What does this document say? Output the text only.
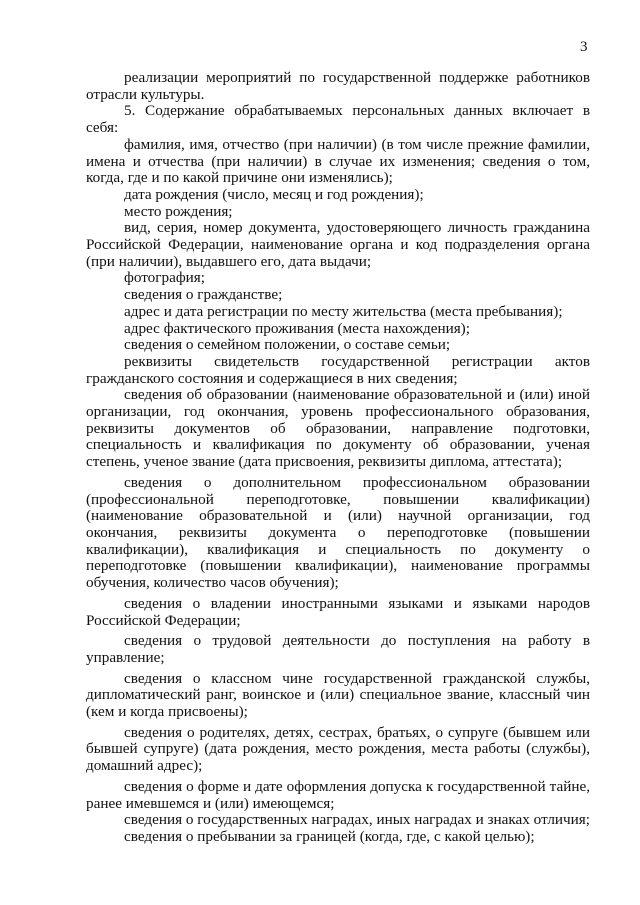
3

реализации мероприятий по государственной поддержке работников отрасли культуры.

5. Содержание обрабатываемых персональных данных включает в себя:

фамилия, имя, отчество (при наличии) (в том числе прежние фамилии, имена и отчества (при наличии) в случае их изменения; сведения о том, когда, где и по какой причине они изменялись);

дата рождения (число, месяц и год рождения);

место рождения;

вид, серия, номер документа, удостоверяющего личность гражданина Российской Федерации, наименование органа и код подразделения органа (при наличии), выдавшего его, дата выдачи;

фотография;

сведения о гражданстве;

адрес и дата регистрации по месту жительства (места пребывания);

адрес фактического проживания (места нахождения);

сведения о семейном положении, о составе семьи;

реквизиты свидетельств государственной регистрации актов гражданского состояния и содержащиеся в них сведения;

сведения об образовании (наименование образовательной и (или) иной организации, год окончания, уровень профессионального образования, реквизиты документов об образовании, направление подготовки, специальность и квалификация по документу об образовании, ученая степень, ученое звание (дата присвоения, реквизиты диплома, аттестата);

сведения о дополнительном профессиональном образовании (профессиональной переподготовке, повышении квалификации) (наименование образовательной и (или) научной организации, год окончания, реквизиты документа о переподготовке (повышении квалификации), квалификация и специальность по документу о переподготовке (повышении квалификации), наименование программы обучения, количество часов обучения);

сведения о владении иностранными языками и языками народов Российской Федерации;

сведения о трудовой деятельности до поступления на работу в управление;

сведения о классном чине государственной гражданской службы, дипломатический ранг, воинское и (или) специальное звание, классный чин (кем и когда присвоены);

сведения о родителях, детях, сестрах, братьях, о супруге (бывшем или бывшей супруге) (дата рождения, место рождения, места работы (службы), домашний адрес);

сведения о форме и дате оформления допуска к государственной тайне, ранее имевшемся и (или) имеющемся;

сведения о государственных наградах, иных наградах и знаках отличия;

сведения о пребывании за границей (когда, где, с какой целью);
